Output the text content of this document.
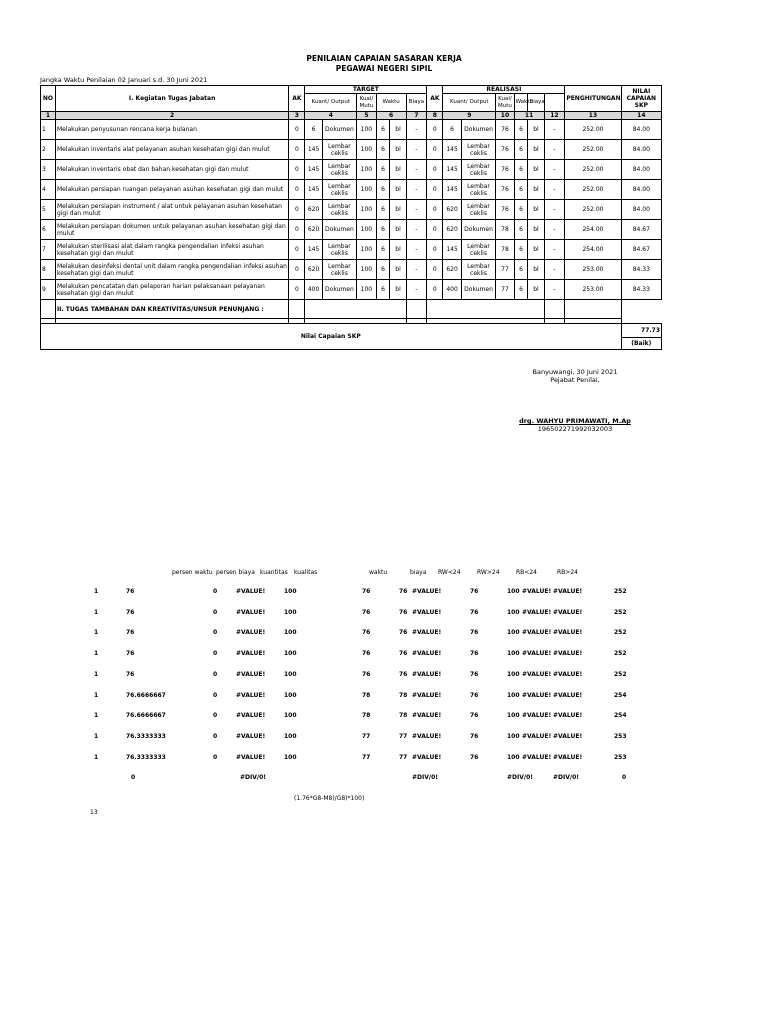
PENILAIAN CAPAIAN SASARAN KERJA
PEGAWAI NEGERI SIPIL
Jangka Waktu Penilaian 02 Januari s.d. 30 Juni 2021
NO	I. Kegiatan Tugas Jabatan	AK	TARGET						AK	REALISASI						PENGHITUNGAN	NILAI CAPAIAN SKP
			Kuant/ Output		Kual/ Mutu	Waktu		Biaya		Kuant/ Output		Kual/ Mutu	Waktu	Biaya			
1	2	3	4		5	6		7	8	9		10	11		12	13	14
1	Melakukan penyusunan rencana kerja bulanan	0	6	Dokumen	100	6	bl	-	0	6	Dokumen	76	6	bl	-	252.00	84.00
2	Melakukan inventaris alat pelayanan asuhan kesehatan gigi dan mulut	0	145	Lembar ceklis	100	6	bl	-	0	145	Lembar ceklis	76	6	bl	-	252.00	84.00
3	Melakukan inventaris obat dan bahan kesehatan gigi dan mulut	0	145	Lembar ceklis	100	6	bl	-	0	145	Lembar ceklis	76	6	bl	-	252.00	84.00
4	Melakukan persiapan ruangan pelayanan asuhan kesehatan gigi dan mulut	0	145	Lembar ceklis	100	6	bl	-	0	145	Lembar ceklis	76	6	bl	-	252.00	84.00
5	Melakukan persiapan instrument / alat untuk pelayanan asuhan kesehatan gigi dan mulut	0	620	Lembar ceklis	100	6	bl	-	0	620	Lembar ceklis	76	6	bl	-	252.00	84.00
6	Melakukan persiapan dokumen untuk pelayanan asuhan kesehatan gigi dan mulut	0	620	Dokumen	100	6	bl	-	0	620	Dokumen	78	6	bl	-	254.00	84.67
7	Melakukan sterilisasi alat dalam rangka pengendalian infeksi asuhan kesehatan gigi dan mulut	0	145	Lembar ceklis	100	6	bl	-	0	145	Lembar ceklis	78	6	bl	-	254.00	84.67
8	Melakukan desinfeksi dental unit dalam rangka pengendalian infeksi asuhan kesehatan gigi dan mulut	0	620	Lembar ceklis	100	6	bl	-	0	620	Lembar ceklis	77	6	bl	-	253.00	84.33
9	Melakukan pencatatan dan pelaporan harian pelaksanaan pelayanan kesehatan gigi dan mulut	0	400	Dokumen	100	6	bl	-	0	400	Dokumen	77	6	bl	-	253.00	84.33
	II. TUGAS TAMBAHAN DAN KREATIVITAS/UNSUR PENUNJANG :																

Nilai Capaian SKP																	77.73
																	(Baik)
Banyuwangi, 30 Juni 2021
Pejabat Penilai,
drg. WAHYU PRIMAWATI, M.Ap
196502271992032003
persen waktu persen biaya kuantitas kualitas	waktu	biaya RW<24	RW>24	RB<24	RB>24
1	76	0	#VALUE!	100	76	76 #VALUE!	76	100 #VALUE! #VALUE!	252
1	76	0	#VALUE!	100	76	76 #VALUE!	76	100 #VALUE! #VALUE!	252
1	76	0	#VALUE!	100	76	76 #VALUE!	76	100 #VALUE! #VALUE!	252
1	76	0	#VALUE!	100	76	76 #VALUE!	76	100 #VALUE! #VALUE!	252
1	76	0	#VALUE!	100	76	76 #VALUE!	76	100 #VALUE! #VALUE!	252
1	76.6666667	0	#VALUE!	100	78	78 #VALUE!	76	100 #VALUE! #VALUE!	254
1	76.6666667	0	#VALUE!	100	78	78 #VALUE!	76	100 #VALUE! #VALUE!	254
1	76.3333333	0	#VALUE!	100	77	77 #VALUE!	76	100 #VALUE! #VALUE!	253
1	76.3333333	0	#VALUE!	100	77	77 #VALUE!	76	100 #VALUE! #VALUE!	253
0	#DIV/0!	#DIV/0!	#DIV/0!	#DIV/0!	0
(1.76*G8-M8)/G8)*100)
13
